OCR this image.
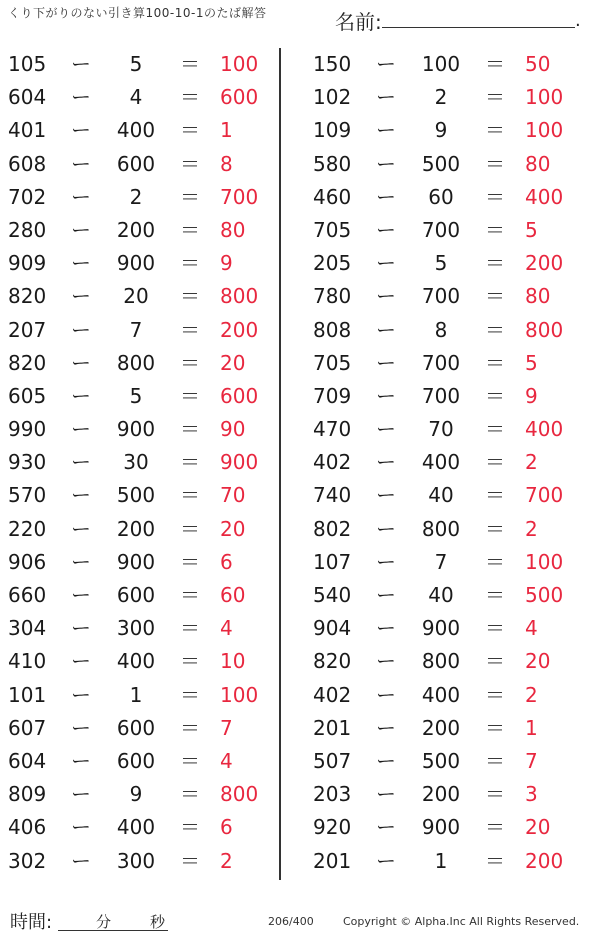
くり下がりのない引き算100-10-1のたば解答	名前:	.
105	ー	5	＝ 100
604	ー	4	＝ 600
401	ー	400	＝ 1
608	ー	600	＝ 8
702	ー	2	＝ 700
280	ー	200	＝ 80
909	ー	900	＝ 9
820	ー	20	＝ 800
207	ー	7	＝ 200
820	ー	800	＝ 20
605	ー	5	＝ 600
990	ー	900	＝ 90
930	ー	30	＝ 900
570	ー	500	＝ 70
220	ー	200	＝ 20
906	ー	900	＝ 6
660	ー	600	＝ 60
304	ー	300	＝ 4
410	ー	400	＝ 10
101	ー	1	＝ 100
607	ー	600	＝ 7
604	ー	600	＝ 4
809	ー	9	＝ 800
406	ー	400	＝ 6
302	ー	300	＝ 2
150	ー	100	＝ 50
102	ー	2	＝ 100
109	ー	9	＝ 100
580	ー	500	＝ 80
460	ー	60	＝ 400
705	ー	700	＝ 5
205	ー	5	＝ 200
780	ー	700	＝ 80
808	ー	8	＝ 800
705	ー	700	＝ 5
709	ー	700	＝ 9
470	ー	70	＝ 400
402	ー	400	＝ 2
740	ー	40	＝ 700
802	ー	800	＝ 2
107	ー	7	＝ 100
540	ー	40	＝ 500
904	ー	900	＝ 4
820	ー	800	＝ 20
402	ー	400	＝ 2
201	ー	200	＝ 1
507	ー	500	＝ 7
203	ー	200	＝ 3
920	ー	900	＝ 20
201	ー	1	＝ 200
時間:	分	秒	206/400	Copyright © Alpha.Inc All Rights Reserved.
